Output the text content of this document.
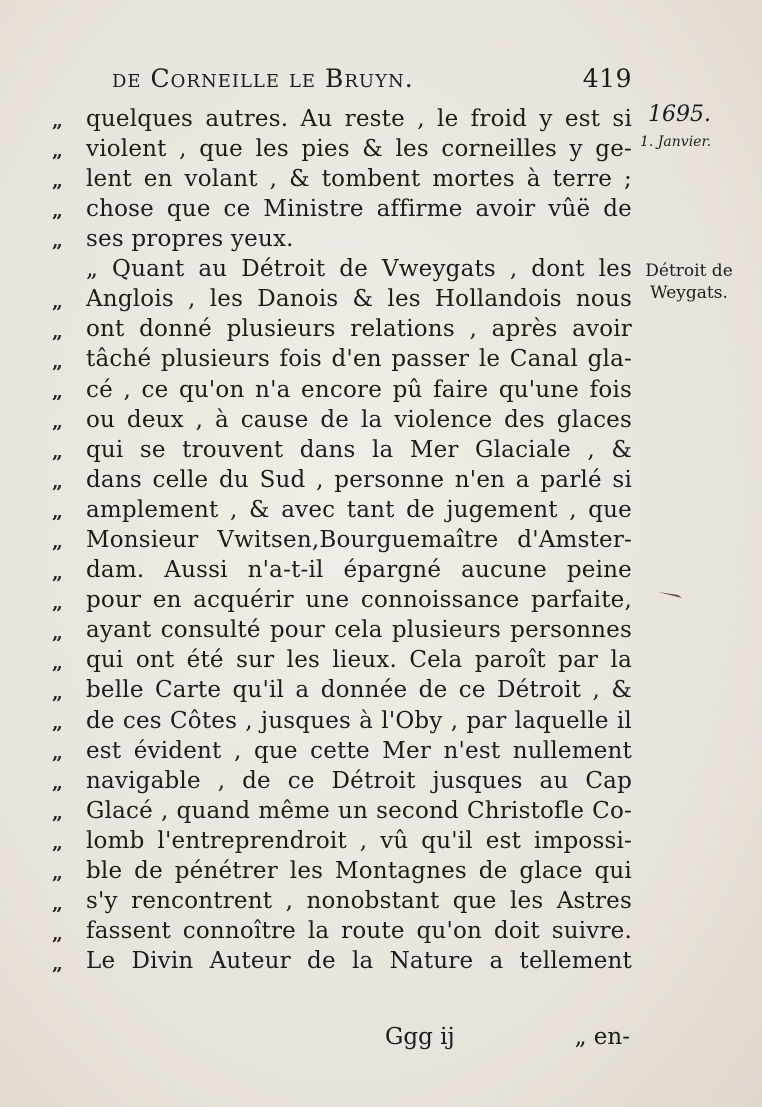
de Corneille le Bruyn.	419
1695.
1. Janvier.
Détroit de
Weygats.
„	quelques autres. Au reste , le froid y est si
„	violent , que les pies & les corneilles y ge-
„	lent en volant , & tombent mortes à terre ;
„	chose que ce Ministre affirme avoir vûë de
„	ses propres yeux.
„ Quant au Détroit de Vweygats , dont les
„	Anglois , les Danois & les Hollandois nous
„	ont donné plusieurs relations , après avoir
„	tâché plusieurs fois d'en passer le Canal gla-
„	cé , ce qu'on n'a encore pû faire qu'une fois
„	ou deux , à cause de la violence des glaces
„	qui se trouvent dans la Mer Glaciale , &
„	dans celle du Sud , personne n'en a parlé si
„	amplement , & avec tant de jugement , que
„	Monsieur Vwitsen,Bourguemaître d'Amster-
„	dam. Aussi n'a-t-il épargné aucune peine
„	pour en acquérir une connoissance parfaite,
„	ayant consulté pour cela plusieurs personnes
„	qui ont été sur les lieux. Cela paroît par la
„	belle Carte qu'il a donnée de ce Détroit , &
„	de ces Côtes , jusques à l'Oby , par laquelle il
„	est évident , que cette Mer n'est nullement
„	navigable , de ce Détroit jusques au Cap
„	Glacé , quand même un second Christofle Co-
„	lomb l'entreprendroit , vû qu'il est impossi-
„	ble de pénétrer les Montagnes de glace qui
„	s'y rencontrent , nonobstant que les Astres
„	fassent connoître la route qu'on doit suivre.
„	Le Divin Auteur de la Nature a tellement
Ggg ij	„ en-
